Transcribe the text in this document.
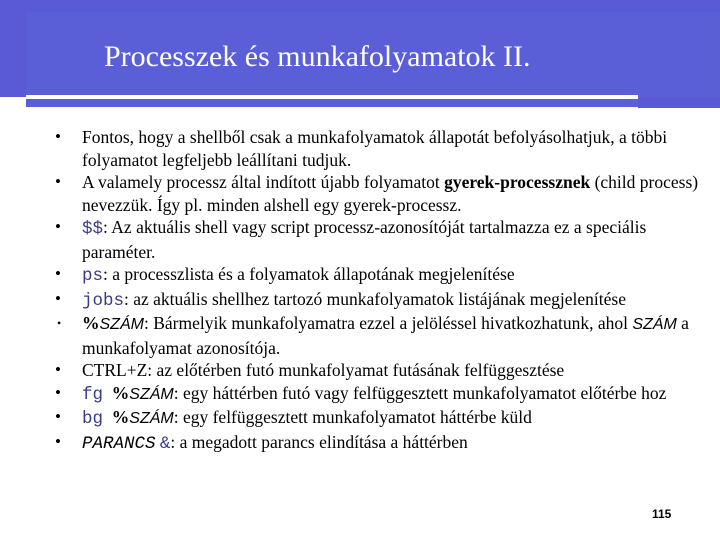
Processzek és munkafolyamatok II.
• Fontos, hogy a shellből csak a munkafolyamatok állapotát befolyásolhatjuk, a többi folyamatot legfeljebb leállítani tudjuk.
• A valamely processz által indított újabb folyamatot gyerek-processznek (child process) nevezzük. Így pl. minden alshell egy gyerek-processz.
• $$: Az aktuális shell vagy script processz-azonosítóját tartalmazza ez a speciális paraméter.
• ps: a processzlista és a folyamatok állapotának megjelenítése
• jobs: az aktuális shellhez tartozó munkafolyamatok listájának megjelenítése
• %SZÁM: Bármelyik munkafolyamatra ezzel a jelöléssel hivatkozhatunk, ahol SZÁM a munkafolyamat azonosítója.
• CTRL+Z: az előtérben futó munkafolyamat futásának felfüggesztése
• fg %SZÁM: egy háttérben futó vagy felfüggesztett munkafolyamatot előtérbe hoz
• bg %SZÁM: egy felfüggesztett munkafolyamatot háttérbe küld
• PARANCS &: a megadott parancs elindítása a háttérben
115
